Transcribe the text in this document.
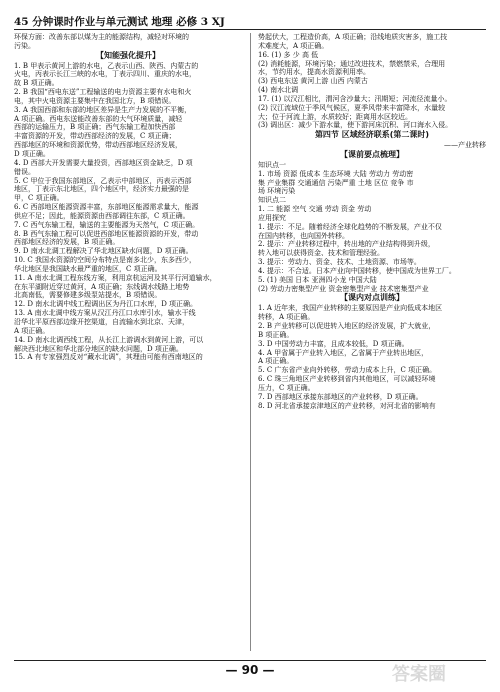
45 分钟课时作业与单元测试 地理 必修 3 XJ
环保方面：改善东部以煤为主的能源结构，减轻对环境的
污染。
【知能强化提升】
1. B 甲表示黄河上游的水电，乙表示山西、陕西、内蒙古的
火电，丙表示长江三峡的水电，丁表示四川、重庆的水电，
故 B 项正确。
2. B 我国“西电东送”工程输送的电力资源主要有水电和火
电，其中火电资源主要集中在我国北方，B 项错误。
3. A 我国西部和东部的地区差异是生产力发展的不平衡，
A 项正确。西电东送能改善东部的大气环境质量，减轻
西部的运输压力，B 项正确；西气东输工程加快西部
丰富资源的开发，带动西部经济的发展，C 项正确；
西部地区的环境和资源优势，带动西部地区经济发展，
D 项正确。
4. D 西部大开发需要大量投资，西部地区资金缺乏，D 项
错误。
5. C 甲位于我国东部地区，乙表示中部地区，丙表示西部
地区，丁表示东北地区，四个地区中，经济实力最强的是
甲，C 项正确。
6. C 西部地区能源资源丰富，东部地区能源需求量大，能源
供应不足；因此，能源资源由西部调往东部，C 项正确。
7. C 西气东输工程，输送的主要能源为天然气，C 项正确。
8. B 西气东输工程可以促进西部地区能源资源的开发，带动
西部地区经济的发展，B 项正确。
9. D 南水北调工程解决了华北地区缺水问题，D 项正确。
10. C 我国水资源的空间分布特点是南多北少，东多西少，
华北地区是我国缺水最严重的地区，C 项正确。
11. A 南水北调工程东线方案，利用京杭运河及其平行河道输水，
在东平湖附近穿过黄河，A 项正确；东线调水线路上地势
北高南低，需要修建多级泵站提水，B 项错误。
12. D 南水北调中线工程调出区为丹江口水库，D 项正确。
13. A 南水北调中线方案从汉江丹江口水库引水，输水干线
沿华北平原西部边缘开挖渠道，自流输水到北京、天津，
A 项正确。
14. D 南水北调西线工程，从长江上游调水到黄河上游，可以
解决西北地区和华北部分地区的缺水问题，D 项正确。
15. A 有专家强烈反对“藏水北调”，其理由可能有西南地区的
势起伏大，工程造价高，A 项正确；沿线地质灾害多，施工技
术难度大，A 项正确。
16. (1) 多 少 高 低
(2) 消耗能源，环境污染；通过改进技术，禁燃禁采，合理用
水，节约用水，提高水资源利用率。
(3) 西电东送 黄河上游 山西 内蒙古
(4) 南水北调
17. (1) 以汉江相比，渭河含沙量大；汛期短；河流径流量小。
(2) 汉江流域位于季风气候区，夏季风带来丰富降水，水量较
大；位于河流上游，水质较好；距离用水区较近。
(3) 调出区：减少下游水量，使下游河床沉积、河口海水入侵。
第四节 区域经济联系(第二课时)
——产业转移
【课前要点梳理】
知识点一
1. 市场 资源 低成本 生态环境 大陆 劳动力 劳动密
集 产业集群 交通通信 污染严重 土地 区位 竞争 市
场 环境污染
知识点二
1. 二 能源 空气 交通 劳动 资金 劳动
应用探究
1. 提示：不足。随着经济全球化趋势的不断发展，产业不仅
在国内转移，也向国外转移。
2. 提示：产业转移过程中，转出地的产业结构得到升级，
转入地可以获得资金、技术和管理经验。
3. 提示：劳动力、资金、技术、土地资源、市场等。
4. 提示：不合适。日本产业向中国转移，使中国成为世界工厂。
5. (1) 美国 日本 亚洲四小龙 中国大陆
(2) 劳动力密集型产业 资金密集型产业 技术密集型产业
【课内对点训练】
1. A 近年来，我国产业转移的主要原因是产业向低成本地区
转移，A 项正确。
2. B 产业转移可以促进转入地区的经济发展，扩大就业，
B 项正确。
3. D 中国劳动力丰富，且成本较低，D 项正确。
4. A 甲省属于产业转入地区，乙省属于产业转出地区，
A 项正确。
5. C 广东省产业向外转移，劳动力成本上升，C 项正确。
6. C 珠三角地区产业转移到省内其他地区，可以减轻环境
压力，C 项正确。
7. D 西部地区承接东部地区的产业转移，D 项正确。
8. D 河北省承接京津地区的产业转移，对河北省的影响有
— 90 —	答案圈
